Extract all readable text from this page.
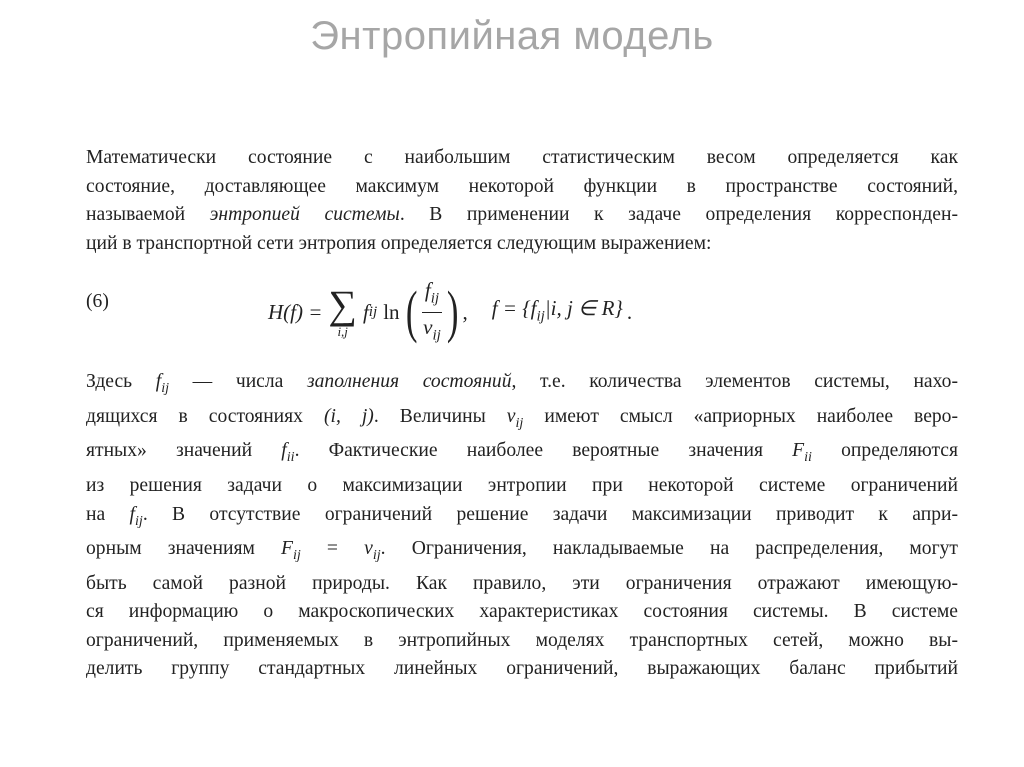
Энтропийная модель
Математически состояние с наибольшим статистическим весом определяется как
состояние, доставляющее максимум некоторой функции в пространстве состояний,
называемой энтропией системы. В применении к задаче определения корреспонден-
ций в транспортной сети энтропия определяется следующим выражением:
(6)	H(f) = ∑
i,j
f ij ln ( $\frac{f_{ij}}{\nu_{ij}}$ ) , $f = \{f_{ij}|i$, j ∈ R} .
Здесь $f_{ij}$ — числа заполнения состояний, т.е. количества элементов системы, нахо-
дящихся в состояниях (i, j). Величины $\nu_{ij}$ имеют смысл «априорных наиболее веро-
ятных» значений $f_{ii}$. Фактические наиболее вероятные значения $F_{ii}$ определяются
из решения задачи о максимизации энтропии при некоторой системе ограничений
на $f_{ij}$. В отсутствие ограничений решение задачи максимизации приводит к апри-
орным значениям $F_{ij} = \nu_{ij}$. Ограничения, накладываемые на распределения, могут
быть самой разной природы. Как правило, эти ограничения отражают имеющую-
ся информацию о макроскопических характеристиках состояния системы. В системе
ограничений, применяемых в энтропийных моделях транспортных сетей, можно вы-
делить группу стандартных линейных ограничений, выражающих баланс прибытий
